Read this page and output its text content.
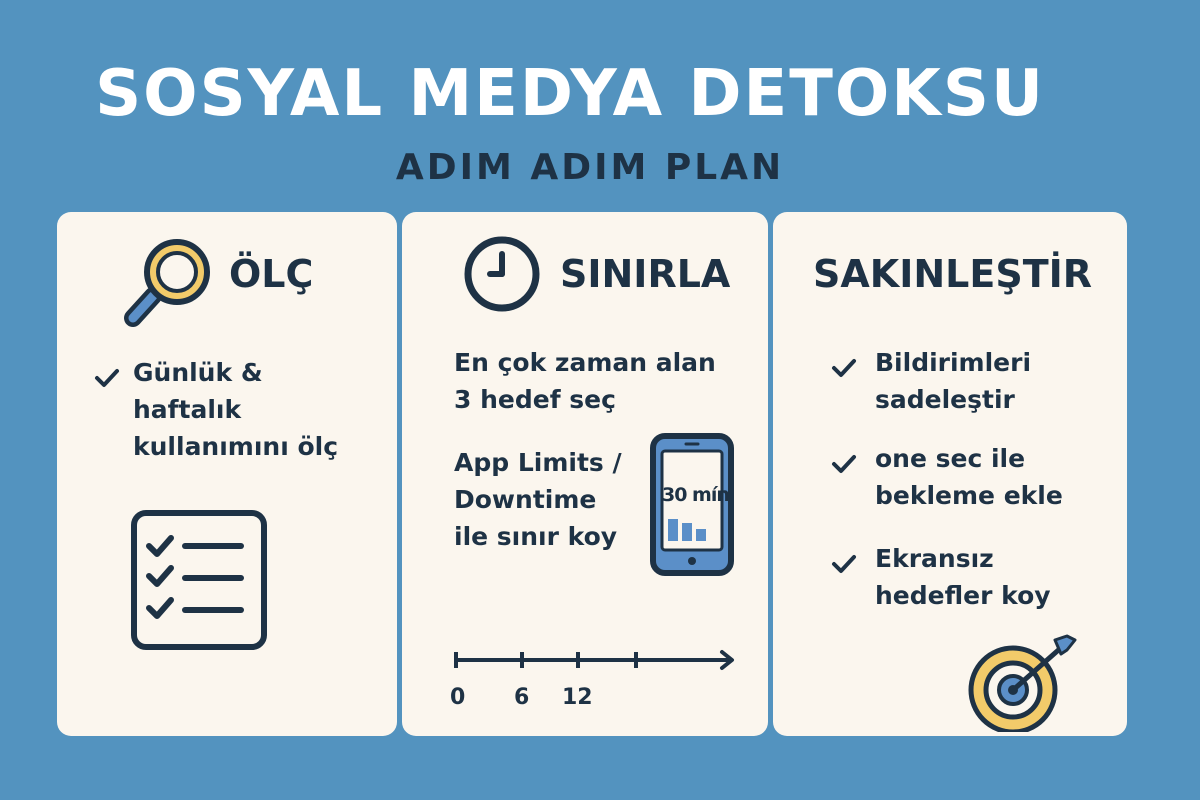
SOSYAL MEDYA DETOKSU
ADIM ADIM PLAN
ÖLÇ
Günlük &
haftalık
kullanımını ölç
SINIRLA
En çok zaman alan
3 hedef seç
App Limits /
Downtime
ile sınır koy
30 mín
0 6 12
SAKINLEŞTİR
Bildirimleri
sadeleştir
one sec ile
bekleme ekle
Ekransız
hedefler koy
